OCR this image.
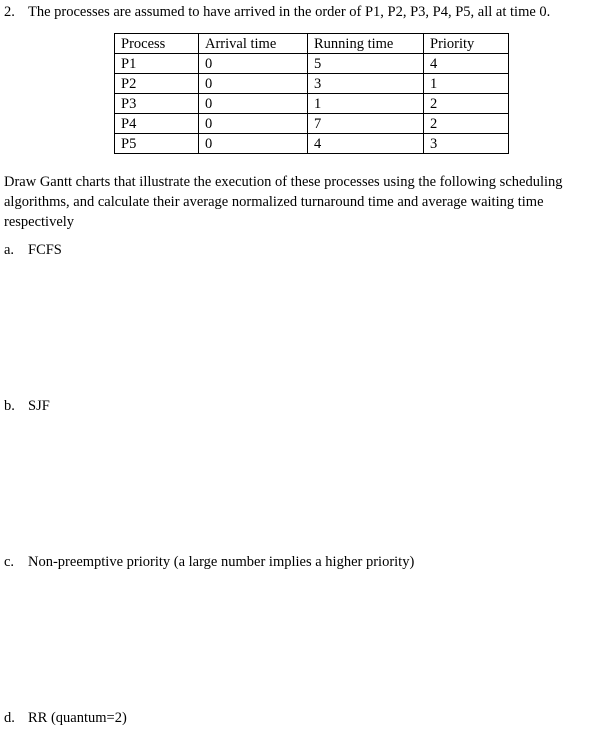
2. The processes are assumed to have arrived in the order of P1, P2, P3, P4, P5, all at time 0.
Process	Arrival time	Running time	Priority
P1	0	5	4
P2	0	3	1
P3	0	1	2
P4	0	7	2
P5	0	4	3
Draw Gantt charts that illustrate the execution of these processes using the following scheduling algorithms, and calculate their average normalized turnaround time and average waiting time respectively
a. FCFS
b. SJF
c. Non-preemptive priority (a large number implies a higher priority)
d. RR (quantum=2)
